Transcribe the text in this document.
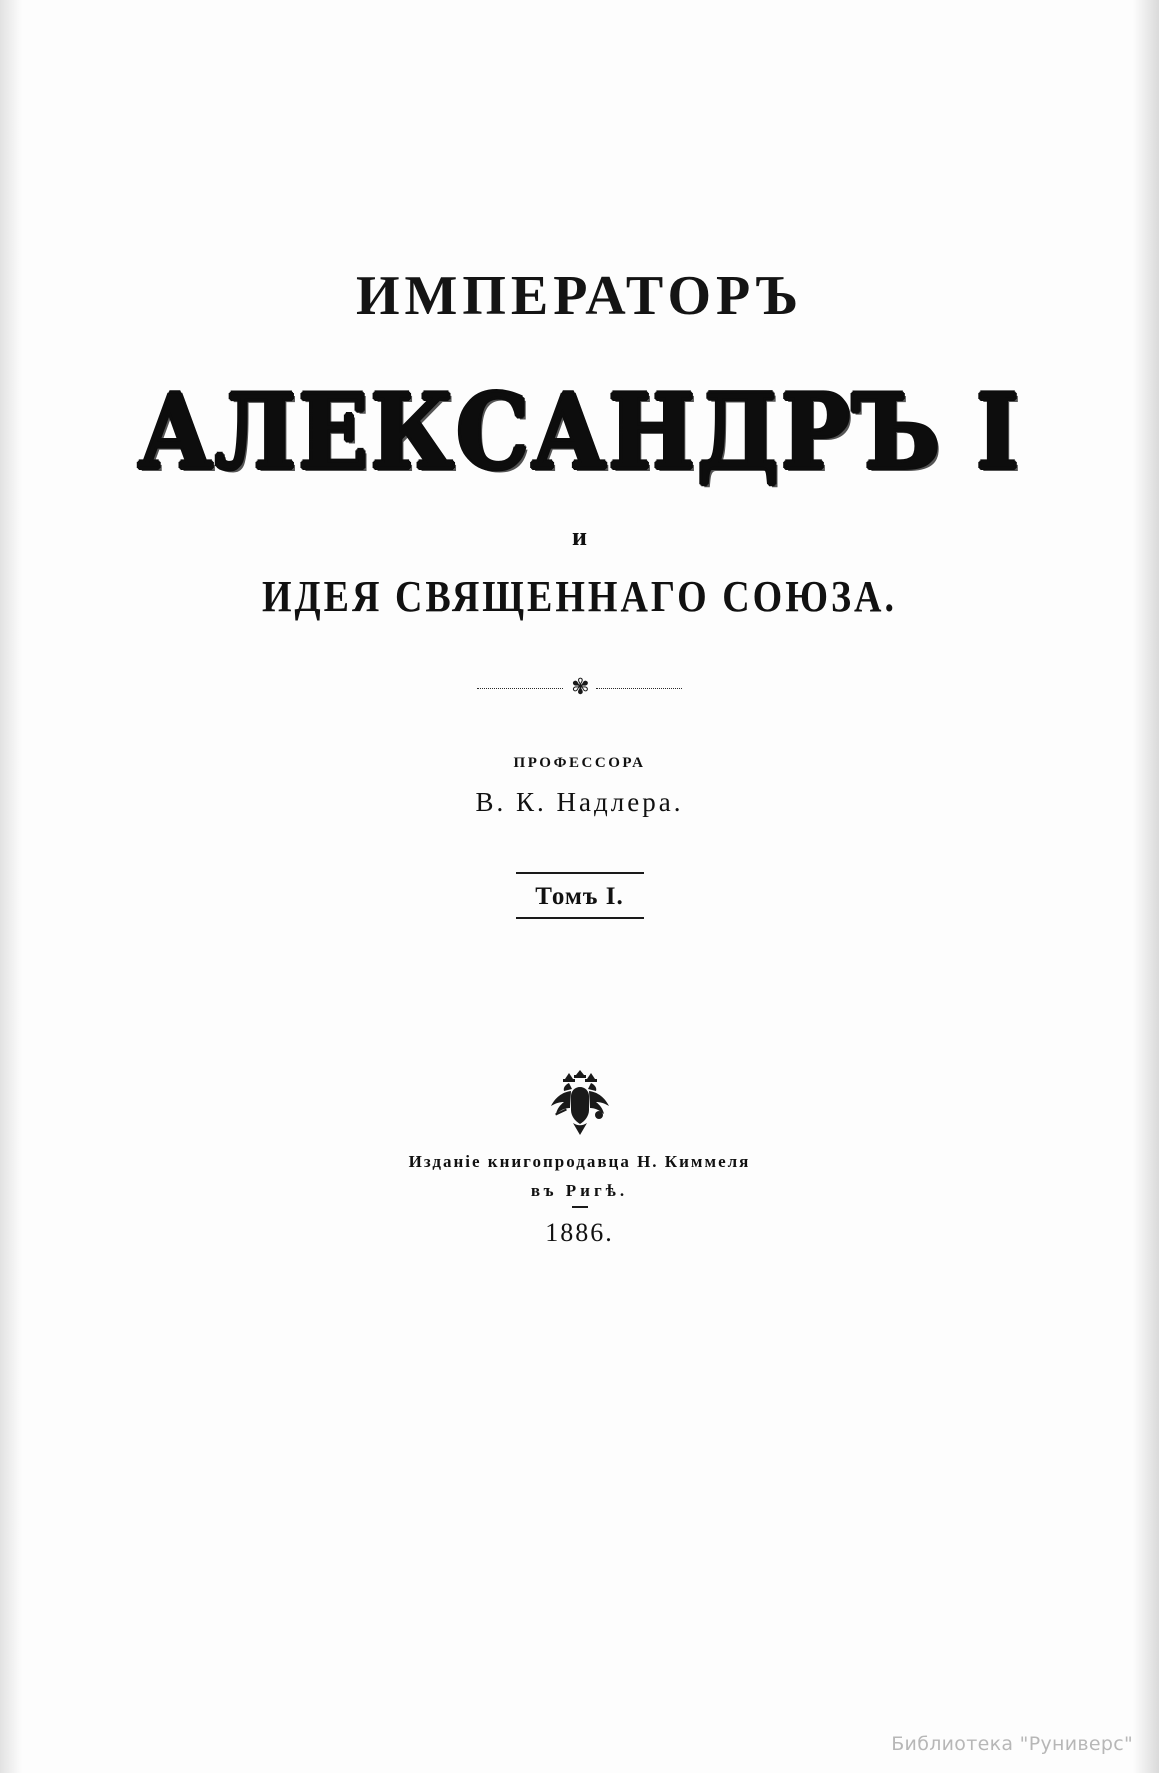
ИМПЕРАТОРЪ
АЛЕКСАНДРЪ I
и
ИДЕЯ СВЯЩЕННАГО СОЮЗА.
✾
ПРОФЕССОРА
В. К. Надлера.
Томъ I.
Изданіе книгопродавца Н. Киммеля
въ Ригѣ.
1886.
Библиотека "Руниверс"
